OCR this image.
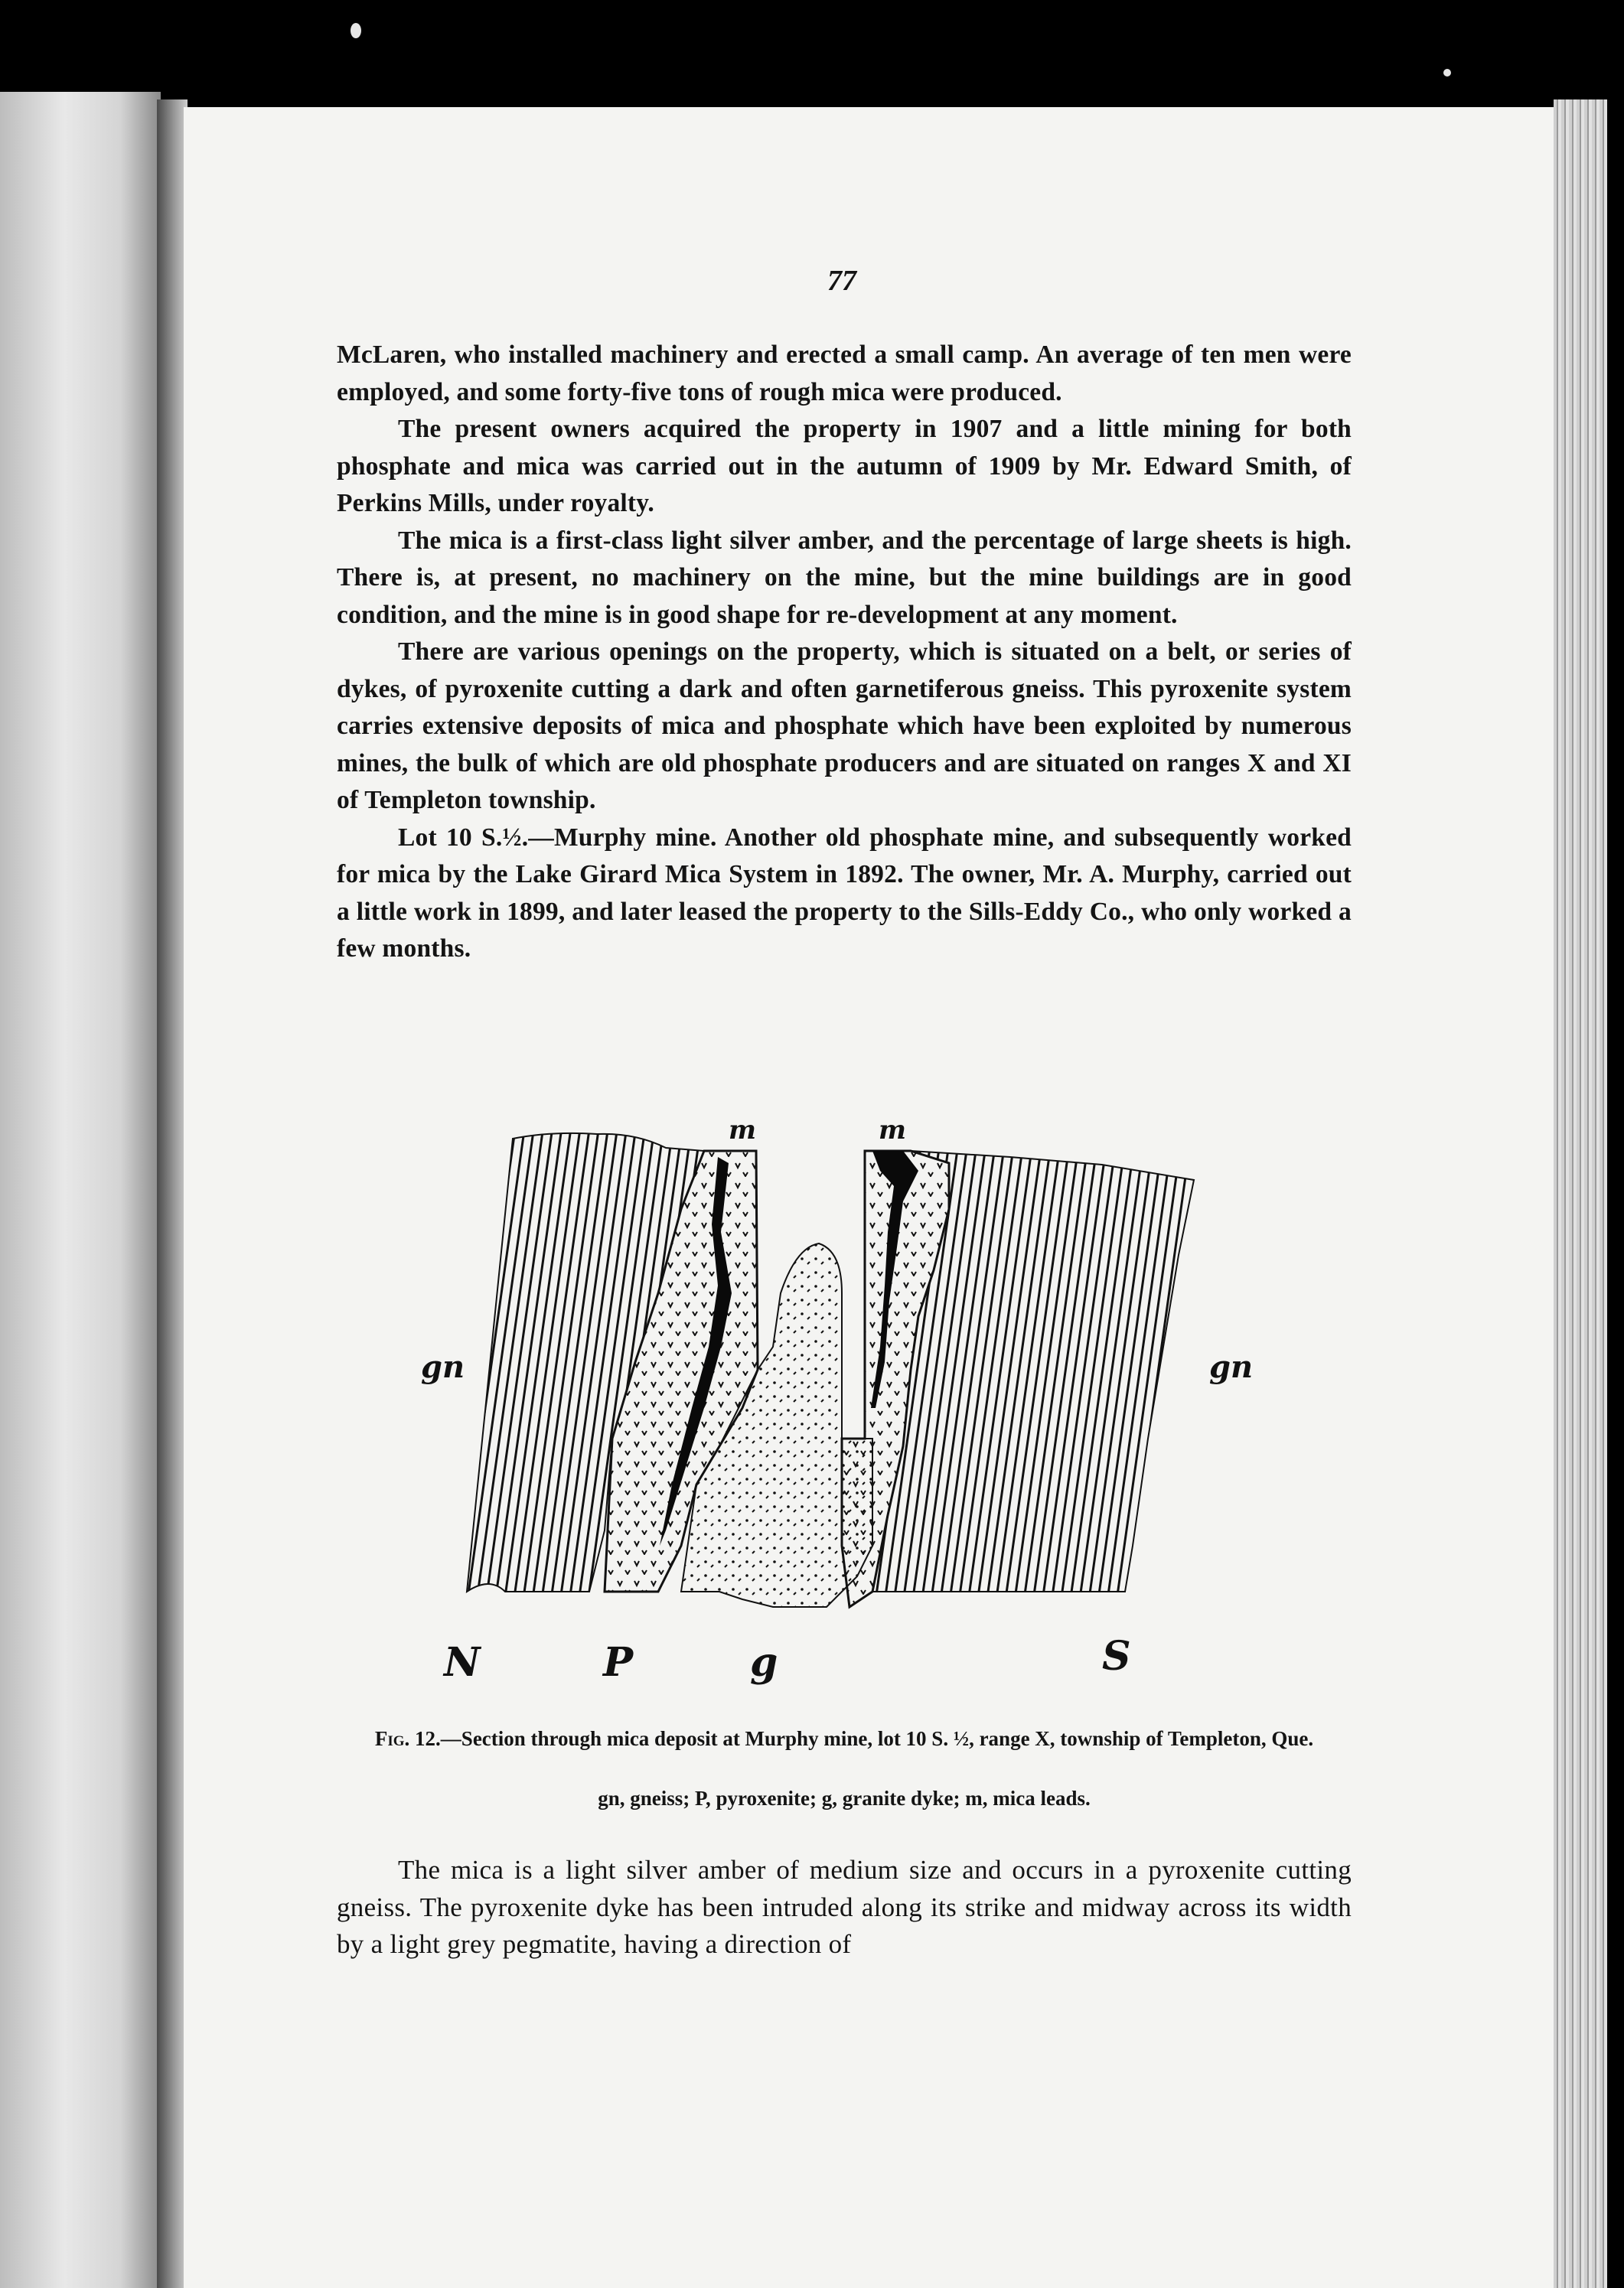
77

McLaren, who installed machinery and erected a small camp. An average of ten men were employed, and some forty-five tons of rough mica were produced.

The present owners acquired the property in 1907 and a little mining for both phosphate and mica was carried out in the autumn of 1909 by Mr. Edward Smith, of Perkins Mills, under royalty.

The mica is a first-class light silver amber, and the percentage of large sheets is high. There is, at present, no machinery on the mine, but the mine buildings are in good condition, and the mine is in good shape for re-development at any moment.

There are various openings on the property, which is situated on a belt, or series of dykes, of pyroxenite cutting a dark and often garnetiferous gneiss. This pyroxenite system carries extensive deposits of mica and phosphate which have been exploited by numerous mines, the bulk of which are old phosphate producers and are situated on ranges X and XI of Templeton township.

Lot 10 S.½.—Murphy mine. Another old phosphate mine, and subsequently worked for mica by the Lake Girard Mica System in 1892. The owner, Mr. A. Murphy, carried out a little work in 1899, and later leased the property to the Sills-Eddy Co., who only worked a few months.

m	m
gn	gn
N	P	g	S
Fig. 12.—Section through mica deposit at Murphy mine, lot 10 S. ½, range X, township of Templeton, Que.
gn, gneiss; P, pyroxenite; g, granite dyke; m, mica leads.

The mica is a light silver amber of medium size and occurs in a pyroxenite cutting gneiss. The pyroxenite dyke has been intruded along its strike and midway across its width by a light grey pegmatite, having a direction of
